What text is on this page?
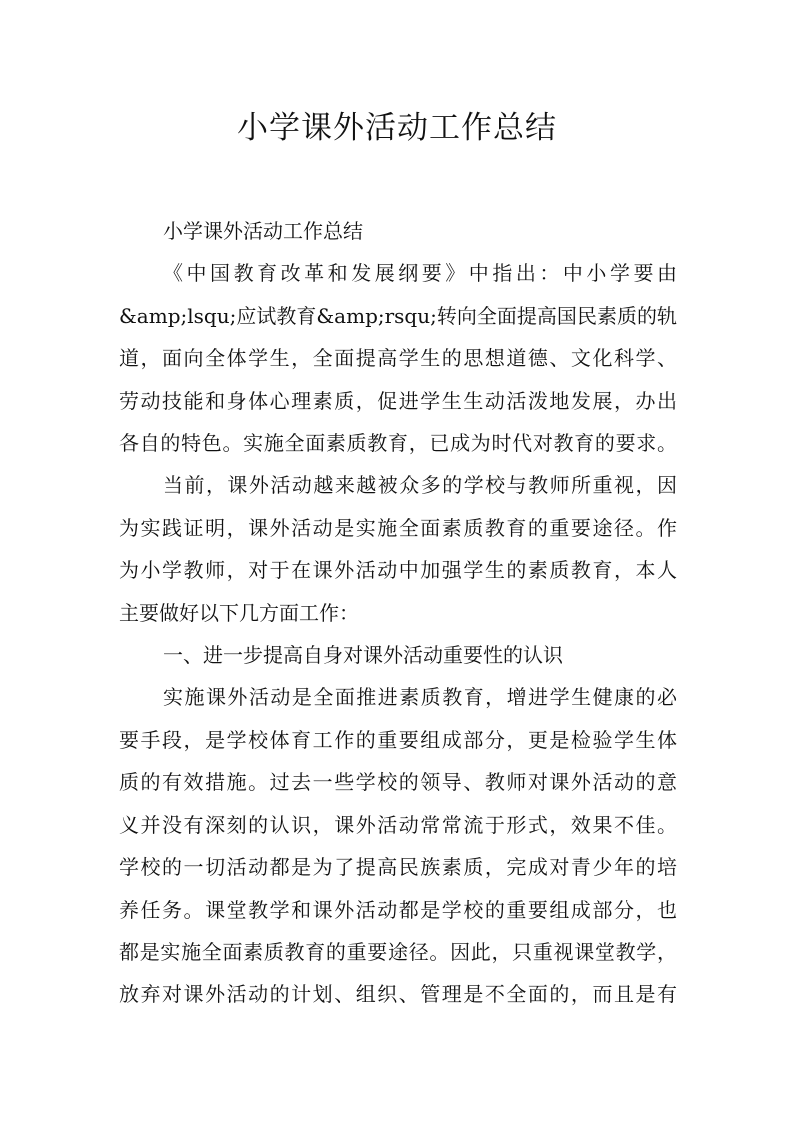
小学课外活动工作总结
小学课外活动工作总结
《中国教育改革和发展纲要》中指出：中小学要由
&amp;lsqu;应试教育&amp;rsqu;转向全面提高国民素质的轨
道，面向全体学生，全面提高学生的思想道德、文化科学、
劳动技能和身体心理素质，促进学生生动活泼地发展，办出
各自的特色。实施全面素质教育，已成为时代对教育的要求。
当前，课外活动越来越被众多的学校与教师所重视，因
为实践证明，课外活动是实施全面素质教育的重要途径。作
为小学教师，对于在课外活动中加强学生的素质教育，本人
主要做好以下几方面工作：
一、进一步提高自身对课外活动重要性的认识
实施课外活动是全面推进素质教育，增进学生健康的必
要手段，是学校体育工作的重要组成部分，更是检验学生体
质的有效措施。过去一些学校的领导、教师对课外活动的意
义并没有深刻的认识，课外活动常常流于形式，效果不佳。
学校的一切活动都是为了提高民族素质，完成对青少年的培
养任务。课堂教学和课外活动都是学校的重要组成部分，也
都是实施全面素质教育的重要途径。因此，只重视课堂教学，
放弃对课外活动的计划、组织、管理是不全面的，而且是有
